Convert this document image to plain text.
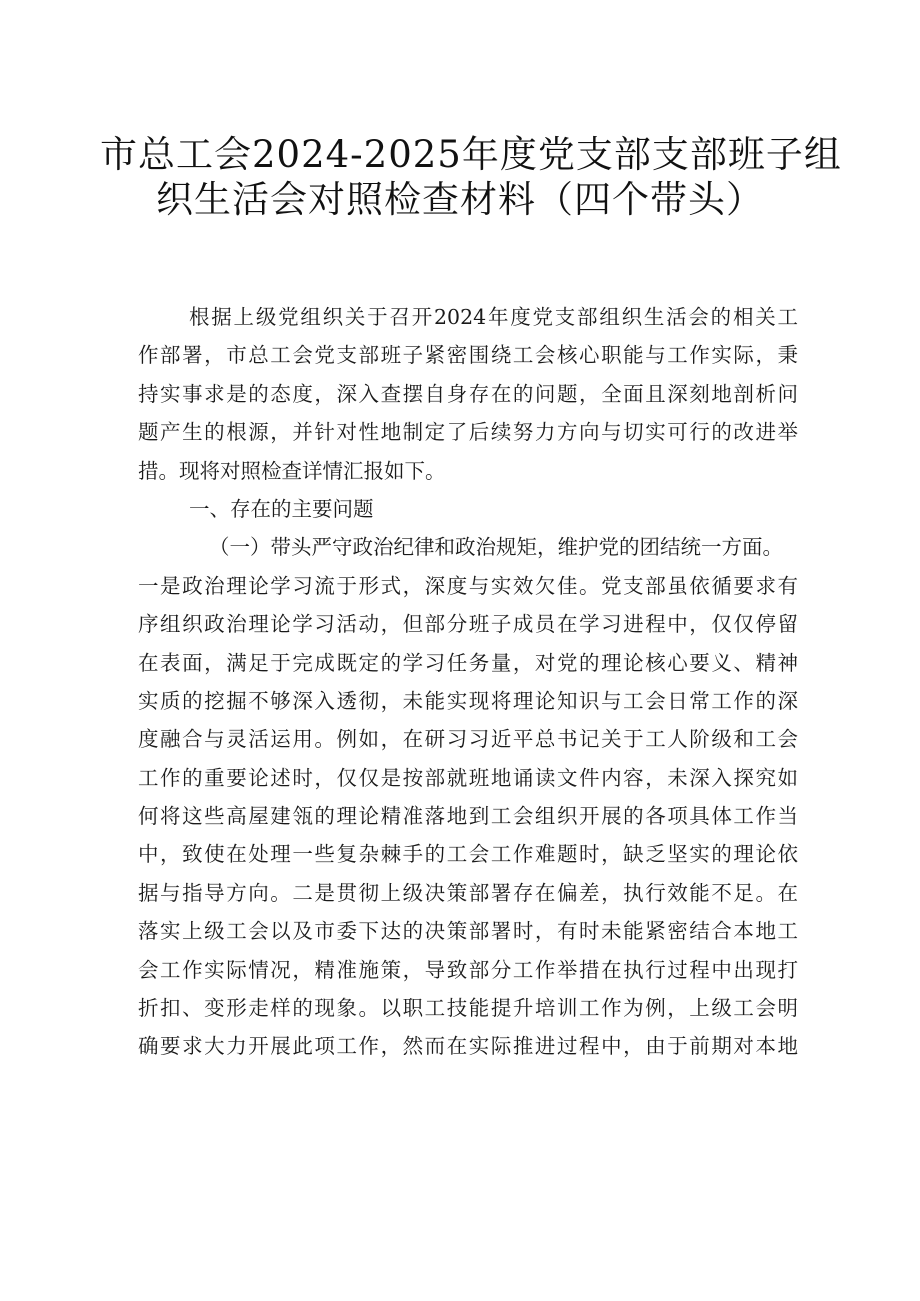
市总工会2024-2025年度党支部支部班子组
织生活会对照检查材料（四个带头）
根据上级党组织关于召开2024年度党支部组织生活会的相关工
作部署，市总工会党支部班子紧密围绕工会核心职能与工作实际，秉
持实事求是的态度，深入查摆自身存在的问题，全面且深刻地剖析问
题产生的根源，并针对性地制定了后续努力方向与切实可行的改进举
措。现将对照检查详情汇报如下。
一、存在的主要问题
（一）带头严守政治纪律和政治规矩，维护党的团结统一方面。
一是政治理论学习流于形式，深度与实效欠佳。党支部虽依循要求有
序组织政治理论学习活动，但部分班子成员在学习进程中，仅仅停留
在表面，满足于完成既定的学习任务量，对党的理论核心要义、精神
实质的挖掘不够深入透彻，未能实现将理论知识与工会日常工作的深
度融合与灵活运用。例如，在研习习近平总书记关于工人阶级和工会
工作的重要论述时，仅仅是按部就班地诵读文件内容，未深入探究如
何将这些高屋建瓴的理论精准落地到工会组织开展的各项具体工作当
中，致使在处理一些复杂棘手的工会工作难题时，缺乏坚实的理论依
据与指导方向。二是贯彻上级决策部署存在偏差，执行效能不足。在
落实上级工会以及市委下达的决策部署时，有时未能紧密结合本地工
会工作实际情况，精准施策，导致部分工作举措在执行过程中出现打
折扣、变形走样的现象。以职工技能提升培训工作为例，上级工会明
确要求大力开展此项工作，然而在实际推进过程中，由于前期对本地
